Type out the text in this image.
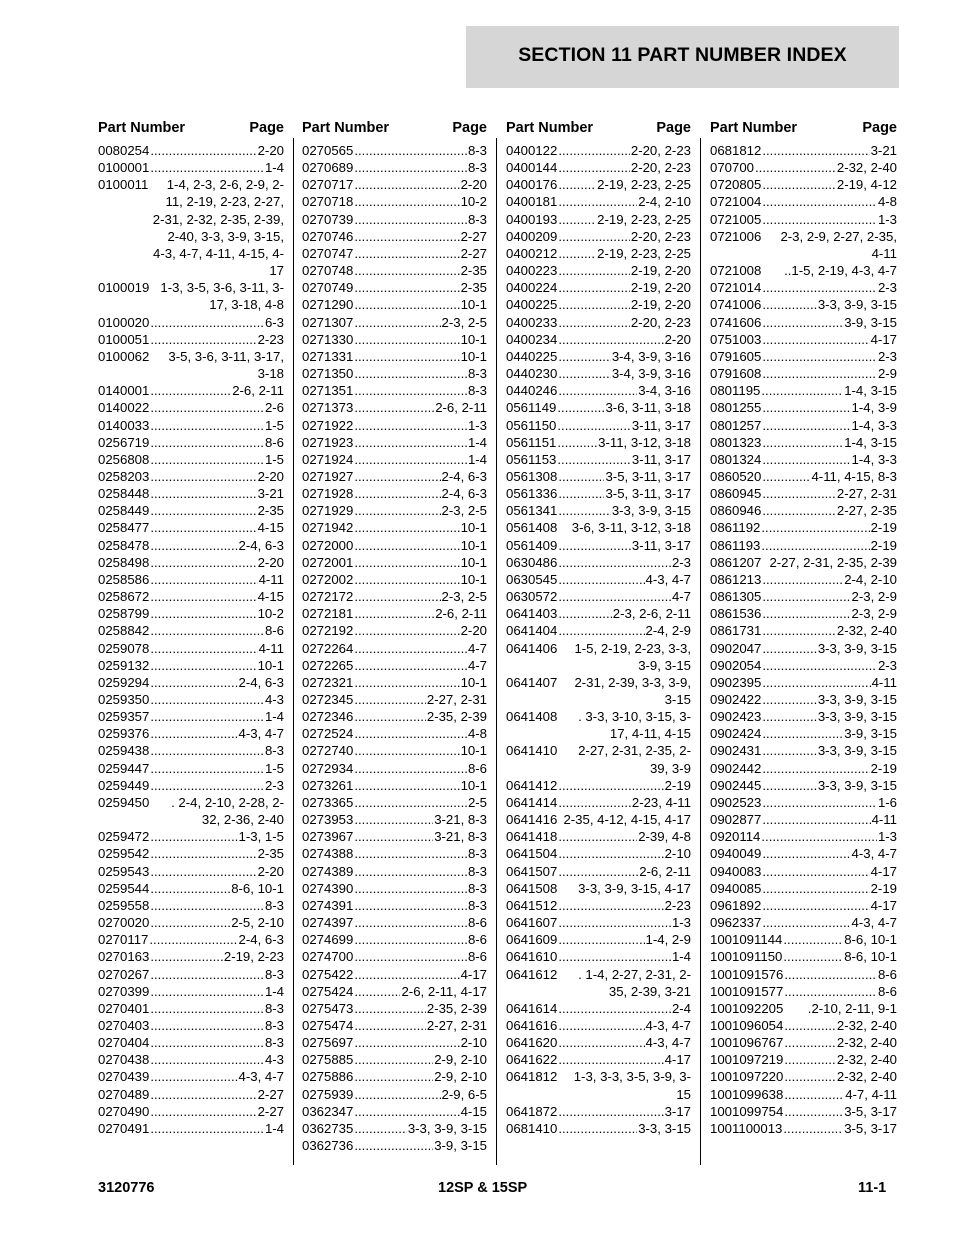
SECTION 11 PART NUMBER INDEX
Part Number	Page
0080254 .....	2-20
0100001 .....	1-4
0100011	1-4, 2-3, 2-6, 2-9, 2-11, 2-19, 2-23, 2-27, 2-31, 2-32, 2-35, 2-39, 2-40, 3-3, 3-9, 3-15, 4-3, 4-7, 4-11, 4-15, 4-17
0100019 1-3, 3-5, 3-6, 3-11, 3-17, 3-18, 4-8
0100020 .....	6-3
0100051 .....	2-23
0100062	3-5, 3-6, 3-11, 3-17, 3-18
0140001 .....	2-6, 2-11
0140022 .....	2-6
0140033 .....	1-5
0256719 .....	8-6
0256808 .....	1-5
0258203 .....	2-20
0258448 .....	3-21
0258449 .....	2-35
0258477 .....	4-15
0258478 .....	2-4, 6-3
0258498 .....	2-20
0258586 .....	4-11
0258672 .....	4-15
0258799 .....	10-2
0258842 .....	8-6
0259078 .....	4-11
0259132 .....	10-1
0259294 .....	2-4, 6-3
0259350 .....	4-3
0259357 .....	1-4
0259376 .....	4-3, 4-7
0259438 .....	8-3
0259447 .....	1-5
0259449 .....	2-3
0259450	. 2-4, 2-10, 2-28, 2-32, 2-36, 2-40
0259472 .....	1-3, 1-5
0259542 .....	2-35
0259543 .....	2-20
0259544 .....	8-6, 10-1
0259558 .....	8-3
0270020 .....	2-5, 2-10
0270117 .....	2-4, 6-3
0270163 .....	2-19, 2-23
0270267 .....	8-3
0270399 .....	1-4
0270401 .....	8-3
0270403 .....	8-3
0270404 .....	8-3
0270438 .....	4-3
0270439 .....	4-3, 4-7
0270489 .....	2-27
0270490 .....	2-27
0270491 .....	1-4
Part Number	Page
0270565 .....	8-3
0270689 .....	8-3
0270717 .....	2-20
0270718 .....	10-2
0270739 .....	8-3
0270746 .....	2-27
0270747 .....	2-27
0270748 .....	2-35
0270749 .....	2-35
0271290 .....	10-1
0271307 .....	2-3, 2-5
0271330 .....	10-1
0271331 .....	10-1
0271350 .....	8-3
0271351 .....	8-3
0271373 .....	2-6, 2-11
0271922 .....	1-3
0271923 .....	1-4
0271924 .....	1-4
0271927 .....	2-4, 6-3
0271928 .....	2-4, 6-3
0271929 .....	2-3, 2-5
0271942 .....	10-1
0272000 .....	10-1
0272001 .....	10-1
0272002 .....	10-1
0272172 .....	2-3, 2-5
0272181 .....	2-6, 2-11
0272192 .....	2-20
0272264 .....	4-7
0272265 .....	4-7
0272321 .....	10-1
0272345 .....	2-27, 2-31
0272346 .....	2-35, 2-39
0272524 .....	4-8
0272740 .....	10-1
0272934 .....	8-6
0273261 .....	10-1
0273365 .....	2-5
0273953 .....	3-21, 8-3
0273967 .....	3-21, 8-3
0274388 .....	8-3
0274389 .....	8-3
0274390 .....	8-3
0274391 .....	8-3
0274397 .....	8-6
0274699 .....	8-6
0274700 .....	8-6
0275422 .....	4-17
0275424 .....	2-6, 2-11, 4-17
0275473 .....	2-35, 2-39
0275474 .....	2-27, 2-31
0275697 .....	2-10
0275885 .....	2-9, 2-10
0275886 .....	2-9, 2-10
0275939 .....	2-9, 6-5
0362347 .....	4-15
0362735 .....	3-3, 3-9, 3-15
0362736 .....	3-9, 3-15
Part Number	Page
0400122 .....	2-20, 2-23
0400144 .....	2-20, 2-23
0400176 .....	2-19, 2-23, 2-25
0400181 .....	2-4, 2-10
0400193 .....	2-19, 2-23, 2-25
0400209 .....	2-20, 2-23
0400212 .....	2-19, 2-23, 2-25
0400223 .....	2-19, 2-20
0400224 .....	2-19, 2-20
0400225 .....	2-19, 2-20
0400233 .....	2-20, 2-23
0400234 .....	2-20
0440225 .....	3-4, 3-9, 3-16
0440230 .....	3-4, 3-9, 3-16
0440246 .....	3-4, 3-16
0561149 .....	3-6, 3-11, 3-18
0561150 .....	3-11, 3-17
0561151 .....	3-11, 3-12, 3-18
0561153 .....	3-11, 3-17
0561308 .....	3-5, 3-11, 3-17
0561336 .....	3-5, 3-11, 3-17
0561341 .....	3-3, 3-9, 3-15
0561408	3-6, 3-11, 3-12, 3-18
0561409 .....	3-11, 3-17
0630486 .....	2-3
0630545 .....	4-3, 4-7
0630572 .....	4-7
0641403 .....	2-3, 2-6, 2-11
0641404 .....	2-4, 2-9
0641406	1-5, 2-19, 2-23, 3-3, 3-9, 3-15
0641407	2-31, 2-39, 3-3, 3-9, 3-15
0641408	. 3-3, 3-10, 3-15, 3-17, 4-11, 4-15
0641410	2-27, 2-31, 2-35, 2-39, 3-9
0641412 .....	2-19
0641414 .....	2-23, 4-11
0641416 2-35, 4-12, 4-15, 4-17
0641418 .....	2-39, 4-8
0641504 .....	2-10
0641507 .....	2-6, 2-11
0641508	3-3, 3-9, 3-15, 4-17
0641512 .....	2-23
0641607 .....	1-3
0641609 .....	1-4, 2-9
0641610 .....	1-4
0641612	. 1-4, 2-27, 2-31, 2-35, 2-39, 3-21
0641614 .....	2-4
0641616 .....	4-3, 4-7
0641620 .....	4-3, 4-7
0641622 .....	4-17
0641812	1-3, 3-3, 3-5, 3-9, 3-15
0641872 .....	3-17
0681410 .....	3-3, 3-15
Part Number	Page
0681812 .....	3-21
070700 .....	2-32, 2-40
0720805 .....	2-19, 4-12
0721004 .....	4-8
0721005 .....	1-3
0721006	2-3, 2-9, 2-27, 2-35, 4-11
0721008	..1-5, 2-19, 4-3, 4-7
0721014 .....	2-3
0741006 .....	3-3, 3-9, 3-15
0741606 .....	3-9, 3-15
0751003 .....	4-17
0791605 .....	2-3
0791608 .....	2-9
0801195 .....	1-4, 3-15
0801255 .....	1-4, 3-9
0801257 .....	1-4, 3-3
0801323 .....	1-4, 3-15
0801324 .....	1-4, 3-3
0860520 .....	4-11, 4-15, 8-3
0860945 .....	2-27, 2-31
0860946 .....	2-27, 2-35
0861192 .....	2-19
0861193 .....	2-19
0861207 2-27, 2-31, 2-35, 2-39
0861213 .....	2-4, 2-10
0861305 .....	2-3, 2-9
0861536 .....	2-3, 2-9
0861731 .....	2-32, 2-40
0902047 .....	3-3, 3-9, 3-15
0902054 .....	2-3
0902395 .....	4-11
0902422 .....	3-3, 3-9, 3-15
0902423 .....	3-3, 3-9, 3-15
0902424 .....	3-9, 3-15
0902431 .....	3-3, 3-9, 3-15
0902442 .....	2-19
0902445 .....	3-3, 3-9, 3-15
0902523 .....	1-6
0902877 .....	4-11
0920114 .....	1-3
0940049 .....	4-3, 4-7
0940083 .....	4-17
0940085 .....	2-19
0961892 .....	4-17
0962337 .....	4-3, 4-7
1001091144 .....	8-6, 10-1
1001091150 .....	8-6, 10-1
1001091576 .....	8-6
1001091577 .....	8-6
1001092205	.2-10, 2-11, 9-1
1001096054 .....	2-32, 2-40
1001096767 .....	2-32, 2-40
1001097219 .....	2-32, 2-40
1001097220 .....	2-32, 2-40
1001099638 .....	4-7, 4-11
1001099754 .....	3-5, 3-17
1001100013 .....	3-5, 3-17
3120776	12SP & 15SP	11-1
